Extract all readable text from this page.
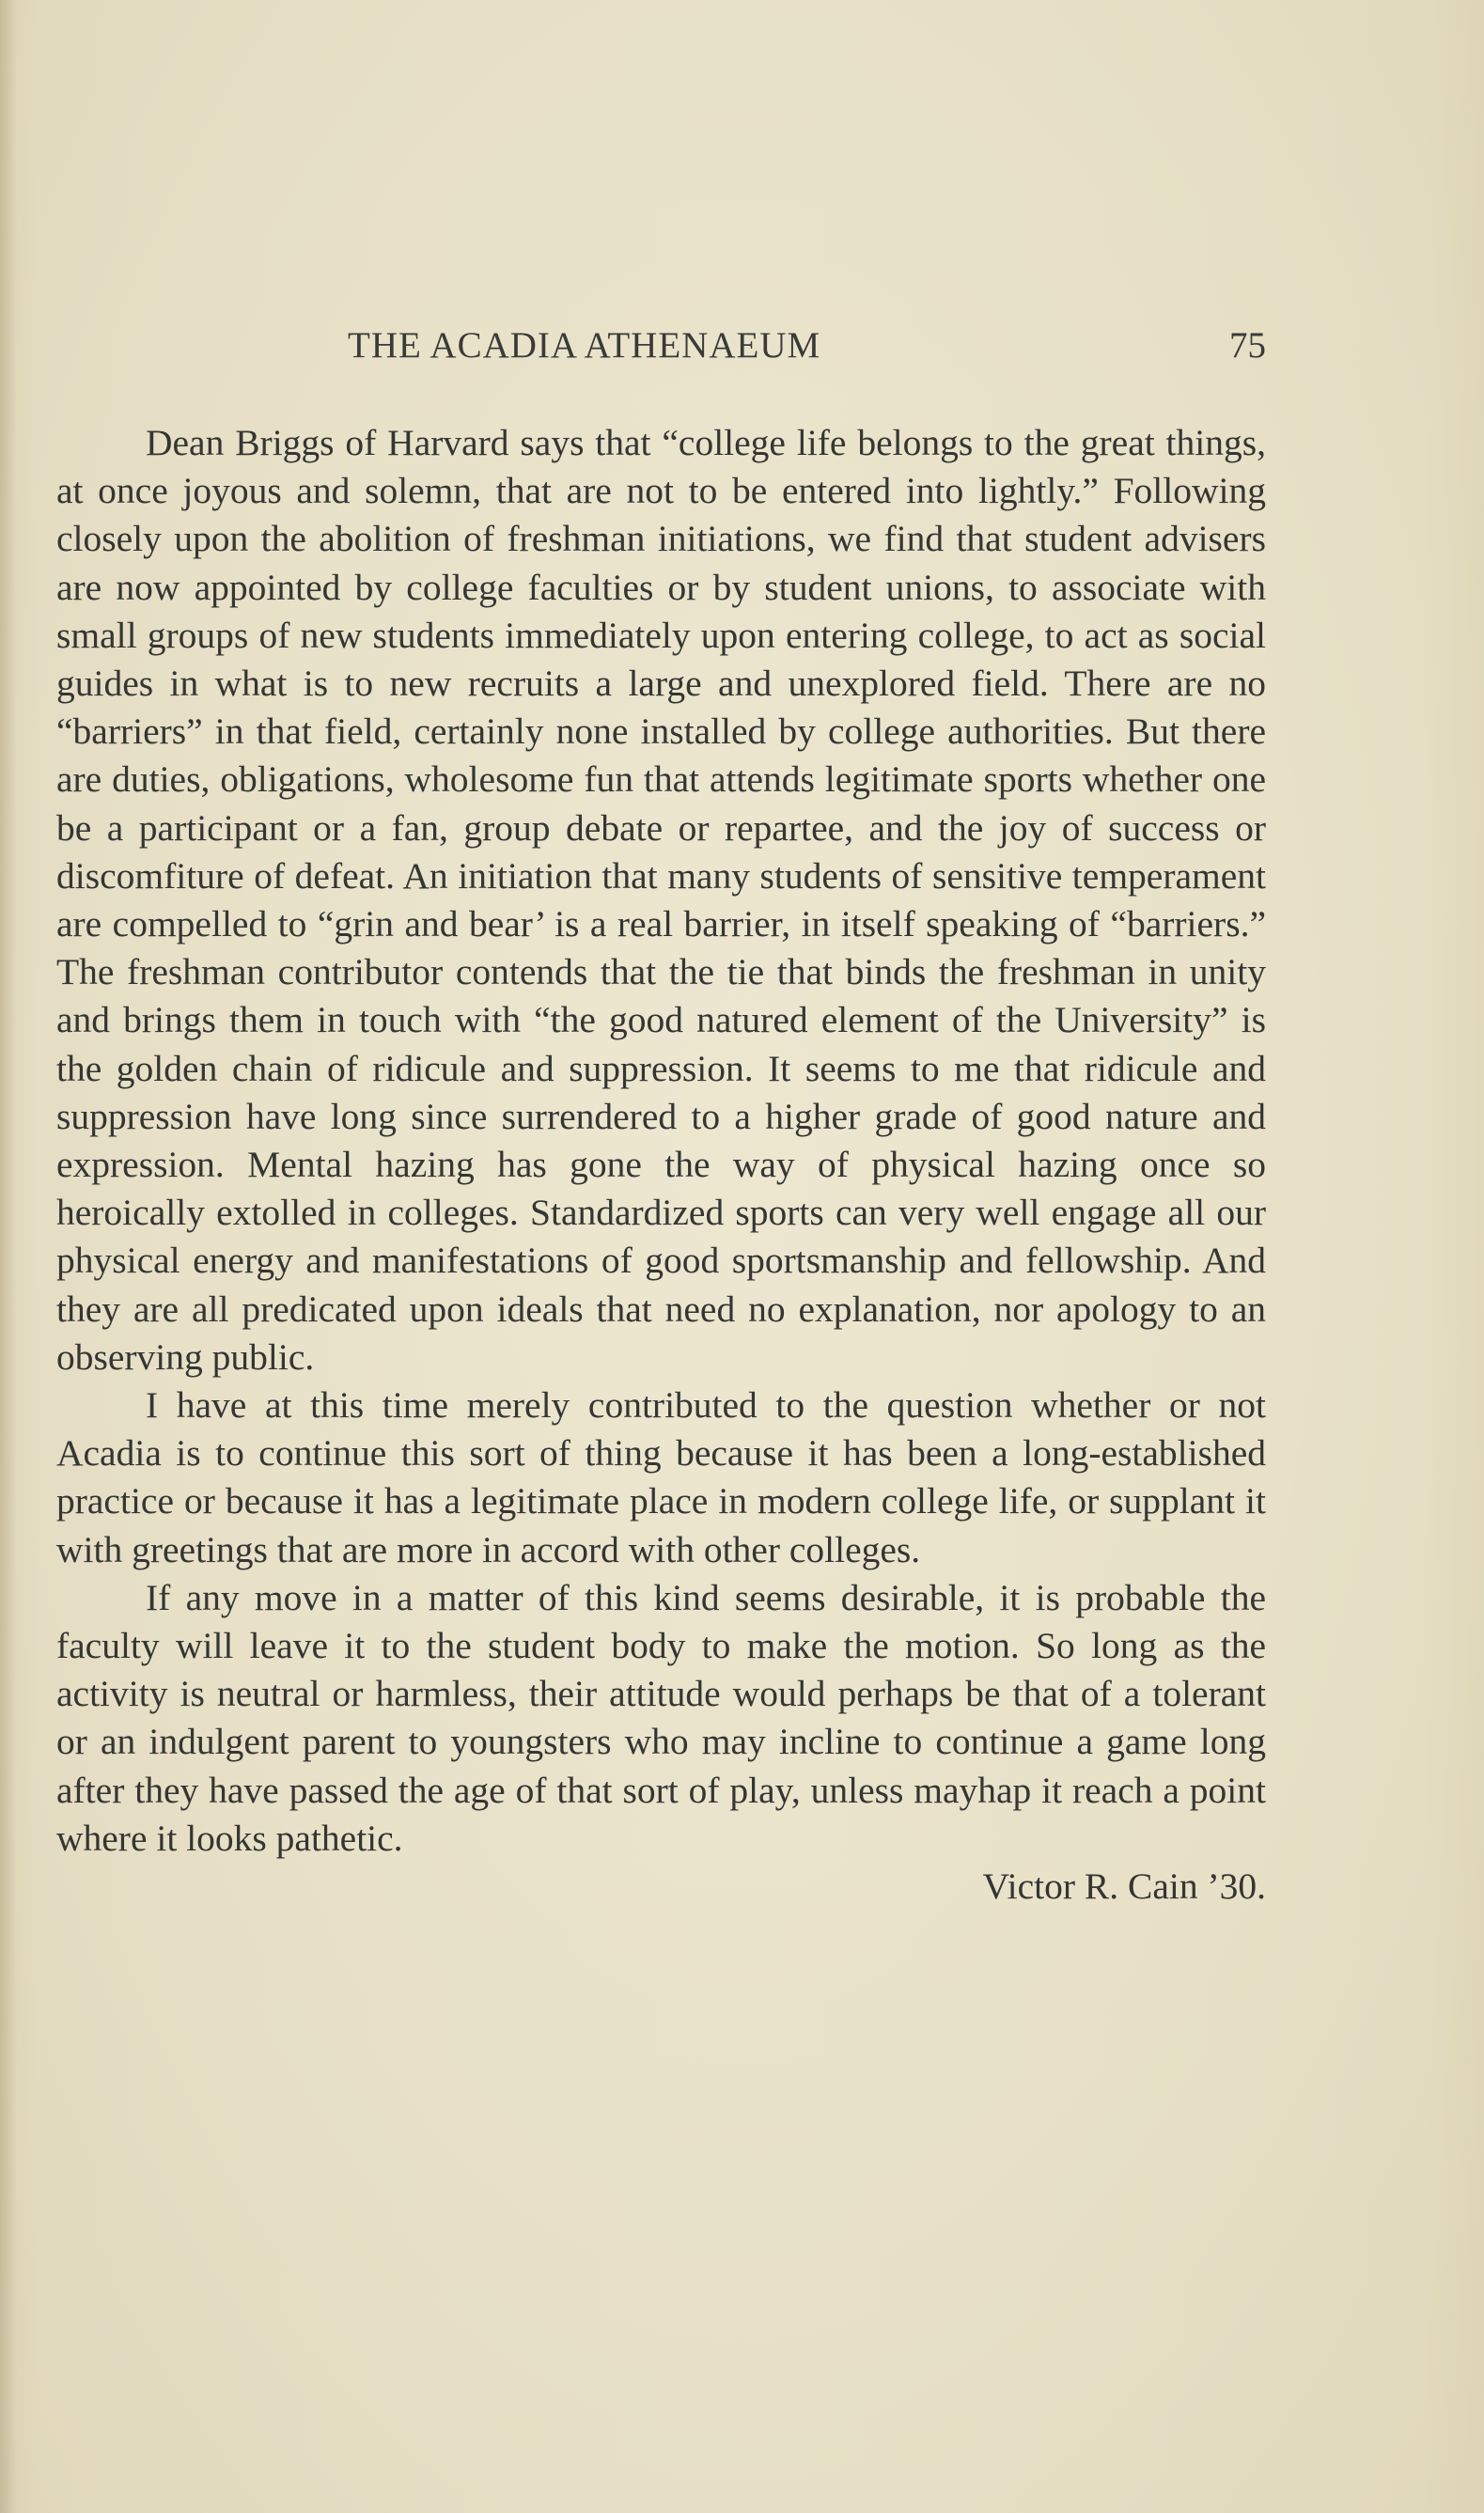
THE ACADIA ATHENAEUM	75

Dean Briggs of Harvard says that “college life belongs to the great things, at once joyous and solemn, that are not to be entered into lightly.” Following closely upon the abolition of freshman initiations, we find that student advisers are now appointed by college faculties or by student unions, to associate with small groups of new students immediately upon entering college, to act as social guides in what is to new recruits a large and unexplored field. There are no “barriers” in that field, certainly none installed by college authorities. But there are duties, obligations, wholesome fun that attends legitimate sports whether one be a participant or a fan, group debate or repartee, and the joy of success or discomfiture of defeat. An initiation that many students of sensitive temperament are compelled to “grin and bear’ is a real barrier, in itself speaking of “barriers.” The freshman contributor contends that the tie that binds the freshman in unity and brings them in touch with “the good natured element of the University” is the golden chain of ridicule and suppression. It seems to me that ridicule and suppression have long since surrendered to a higher grade of good nature and expression. Mental hazing has gone the way of physical hazing once so heroically extolled in colleges. Standardized sports can very well engage all our physical energy and manifestations of good sportsmanship and fellowship. And they are all predicated upon ideals that need no explanation, nor apology to an observing public.

I have at this time merely contributed to the question whether or not Acadia is to continue this sort of thing because it has been a long-established practice or because it has a legitimate place in modern college life, or supplant it with greetings that are more in accord with other colleges.

If any move in a matter of this kind seems desirable, it is probable the faculty will leave it to the student body to make the motion. So long as the activity is neutral or harmless, their attitude would perhaps be that of a tolerant or an indulgent parent to youngsters who may incline to continue a game long after they have passed the age of that sort of play, unless mayhap it reach a point where it looks pathetic.

Victor R. Cain ’30.
